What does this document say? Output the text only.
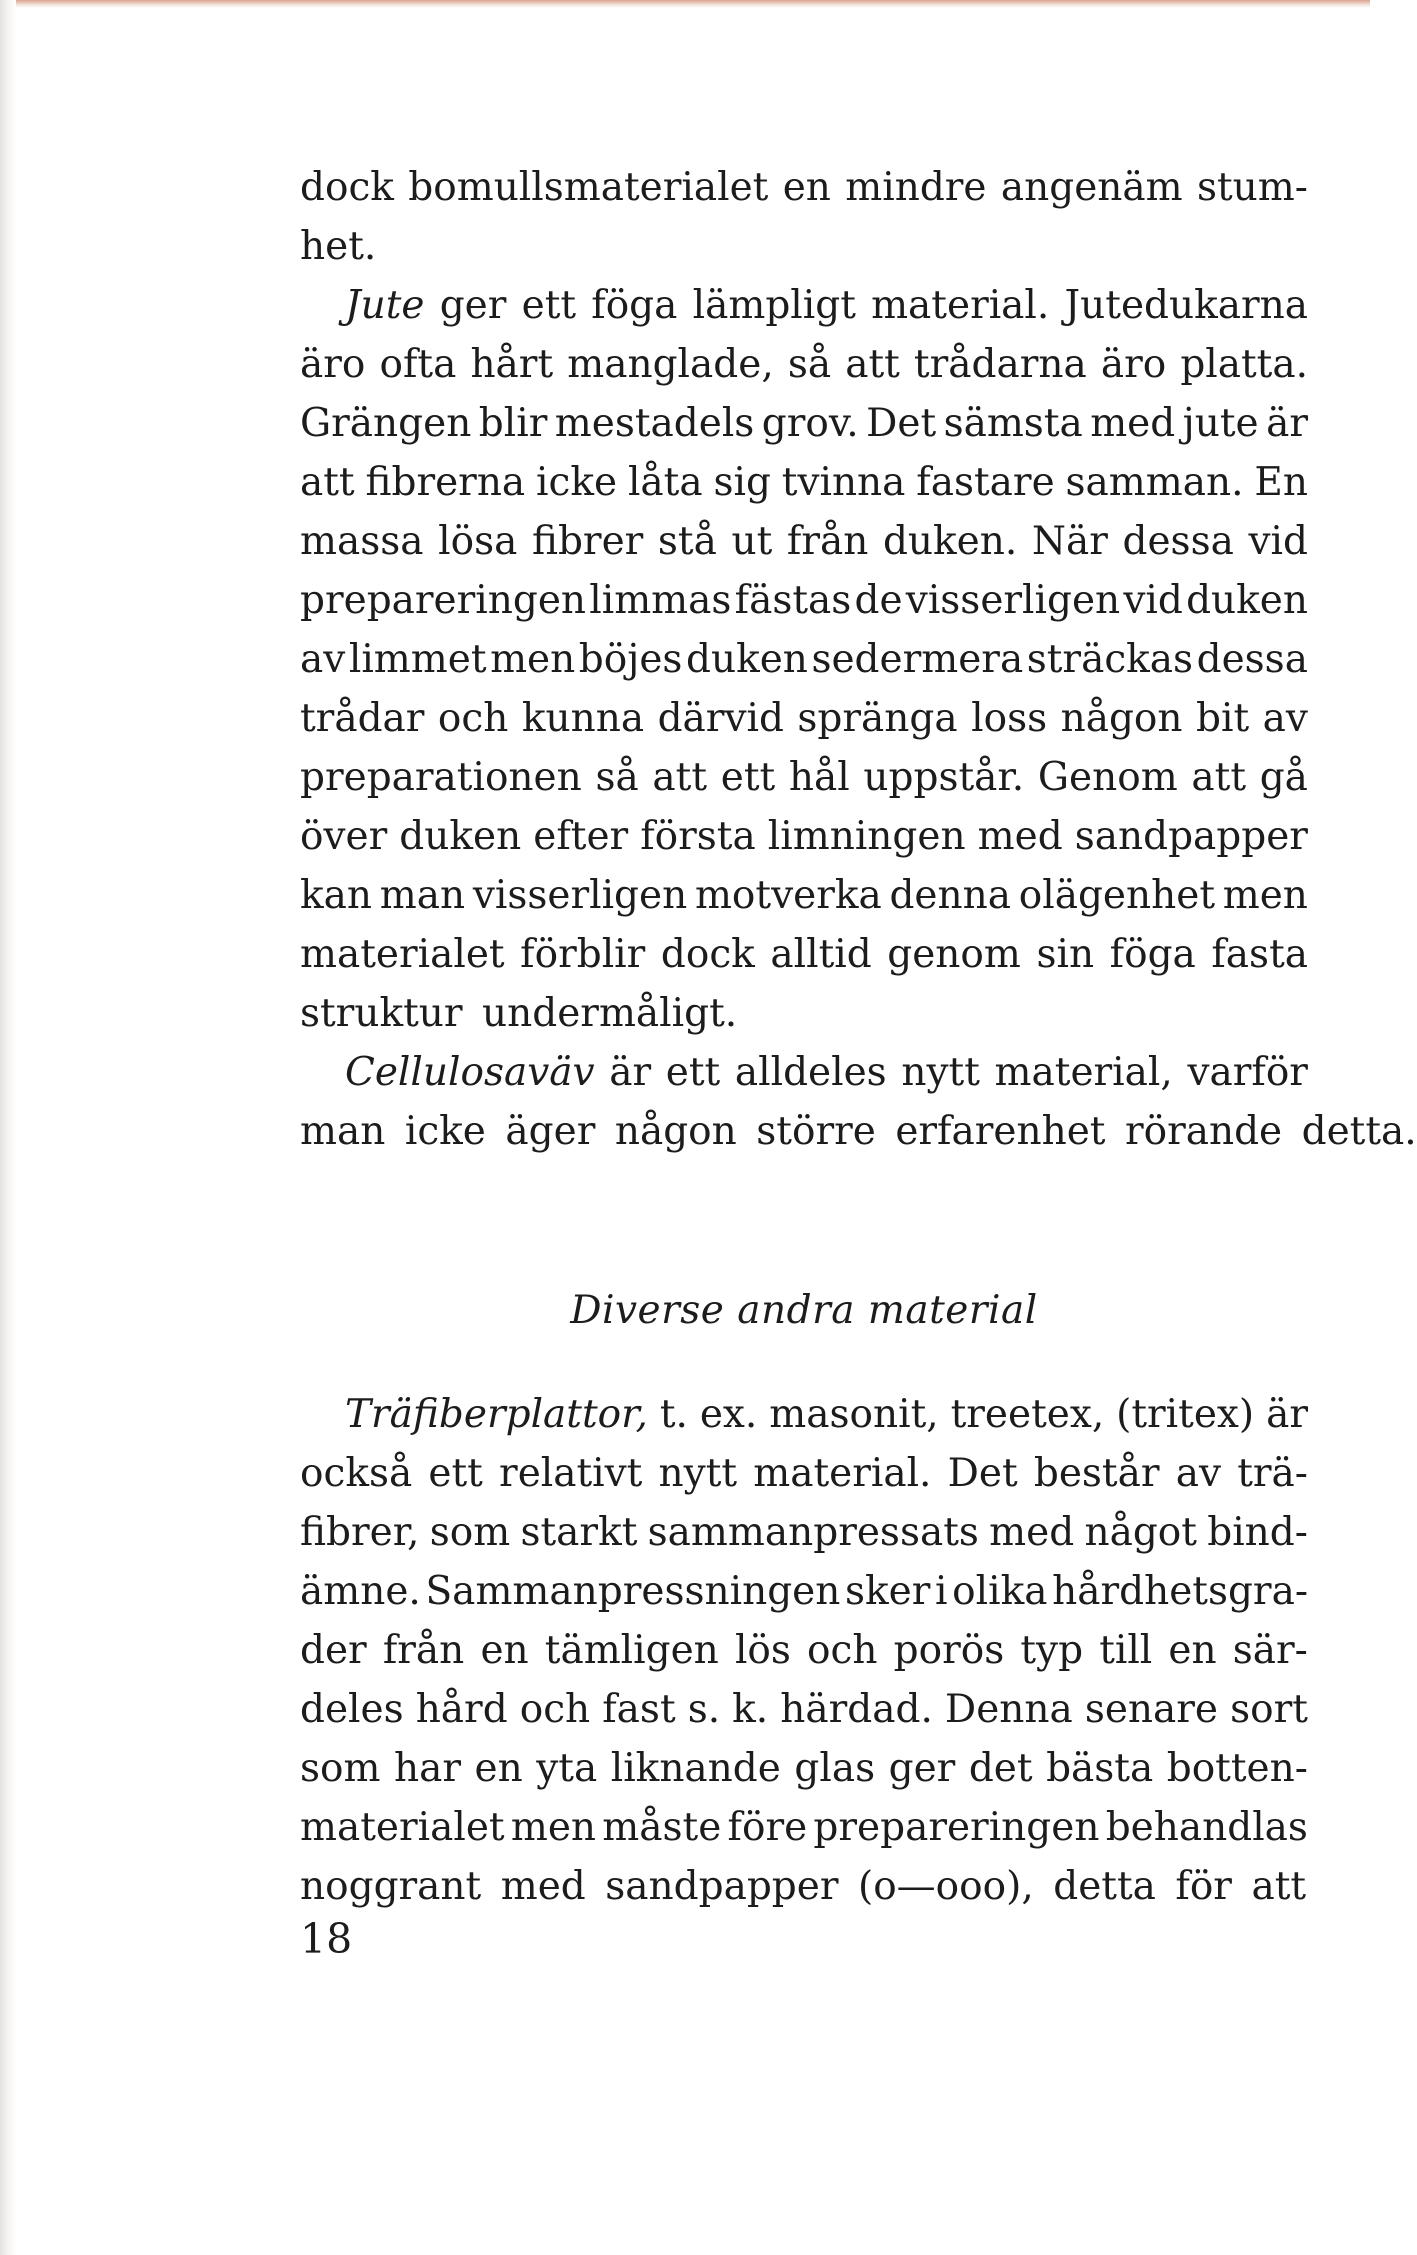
dock bomullsmaterialet en mindre angenäm stum-
het.
Jute ger ett föga lämpligt material. Jutedukarna
äro ofta hårt manglade, så att trådarna äro platta.
Grängen blir mestadels grov. Det sämsta med jute är
att fibrerna icke låta sig tvinna fastare samman. En
massa lösa fibrer stå ut från duken. När dessa vid
prepareringen limmas fästas de visserligen vid duken
av limmet men böjes duken sedermera sträckas dessa
trådar och kunna därvid spränga loss någon bit av
preparationen så att ett hål uppstår. Genom att gå
över duken efter första limningen med sandpapper
kan man visserligen motverka denna olägenhet men
materialet förblir dock alltid genom sin föga fasta
struktur undermåligt.
Cellulosaväv är ett alldeles nytt material, varför
man icke äger någon större erfarenhet rörande detta.
Diverse andra material
Träfiberplattor, t. ex. masonit, treetex, (tritex) är
också ett relativt nytt material. Det består av trä-
fibrer, som starkt sammanpressats med något bind-
ämne. Sammanpressningen sker i olika hårdhetsgra-
der från en tämligen lös och porös typ till en sär-
deles hård och fast s. k. härdad. Denna senare sort
som har en yta liknande glas ger det bästa botten-
materialet men måste före prepareringen behandlas
noggrant med sandpapper (o—ooo), detta för att
18
